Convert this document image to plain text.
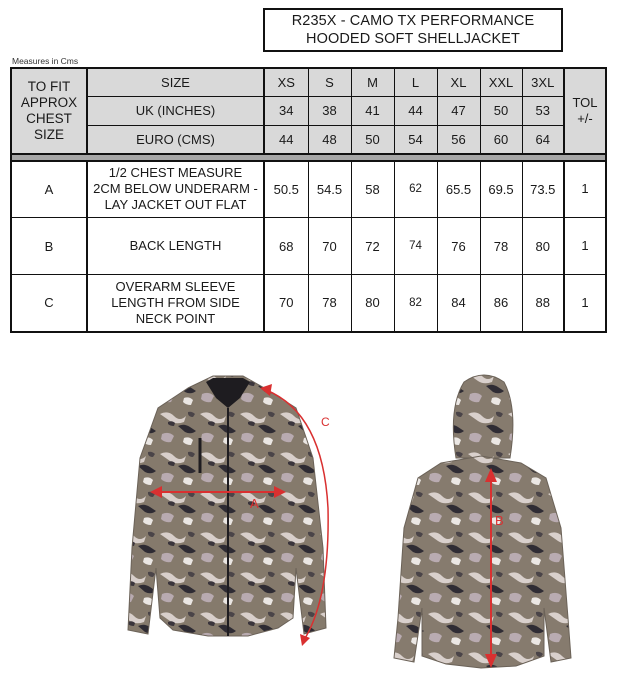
R235X - CAMO TX PERFORMANCE
HOODED SOFT SHELLJACKET
Measures in Cms
TO FIT
APPROX
CHEST
SIZE
	SIZE	XS	S	M	L	XL	XXL	3XL	
TOL
+/-

	UK (INCHES)	34	38	41	44	47	50	53	
	EURO (CMS)	44	48	50	54	56	60	64	

A	1/2 CHEST MEASURE
2CM BELOW UNDERARM -
LAY JACKET OUT FLAT	50.5	54.5	58	62	65.5	69.5	73.5	1
B	BACK LENGTH	68	70	72	74	76	78	80	1
C	OVERARM SLEEVE
LENGTH FROM SIDE
NECK POINT	70	78	80	82	84	86	88	1
A
C
B
